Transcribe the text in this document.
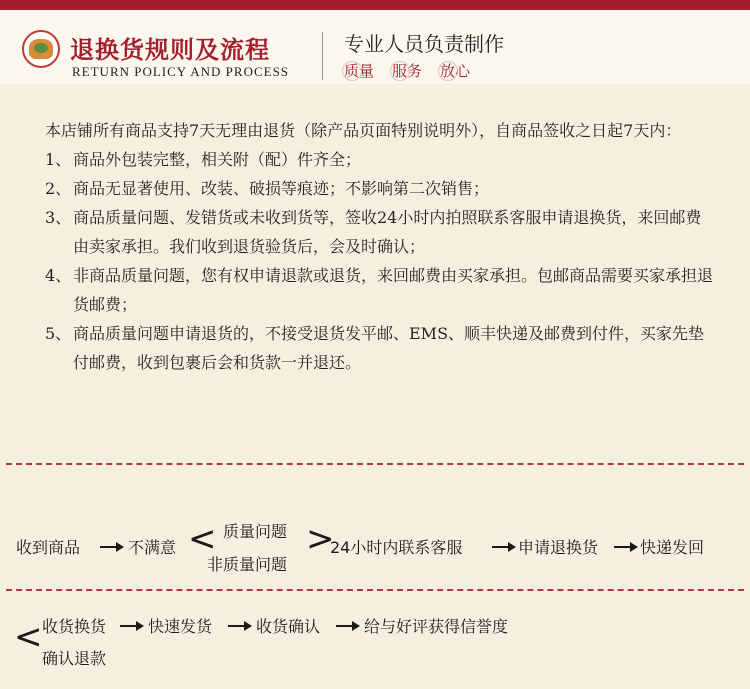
退换货规则及流程
RETURN POLICY AND PROCESS
专业人员负责制作
质量 服务 放心

本店铺所有商品支持7天无理由退货（除产品页面特别说明外），自商品签收之日起7天内：

1、 商品外包装完整，相关附（配）件齐全；
2、 商品无显著使用、改装、破损等痕迹；不影响第二次销售；
3、 商品质量问题、发错货或未收到货等，签收24小时内拍照联系客服申请退换货，来回邮费由卖家承担。我们收到退货验货后，会及时确认；
4、 非商品质量问题，您有权申请退款或退货，来回邮费由买家承担。包邮商品需要买家承担退货邮费；
5、 商品质量问题申请退货的，不接受退货发平邮、EMS、顺丰快递及邮费到付件，买家先垫付邮费，收到包裹后会和货款一并退还。
收到商品	不满意 < 质量问题
非质量问题
<
24小时内联系客服	申请退换货	快递发回
< 收货换货
确认退款
快速发货	收货确认	给与好评获得信誉度
